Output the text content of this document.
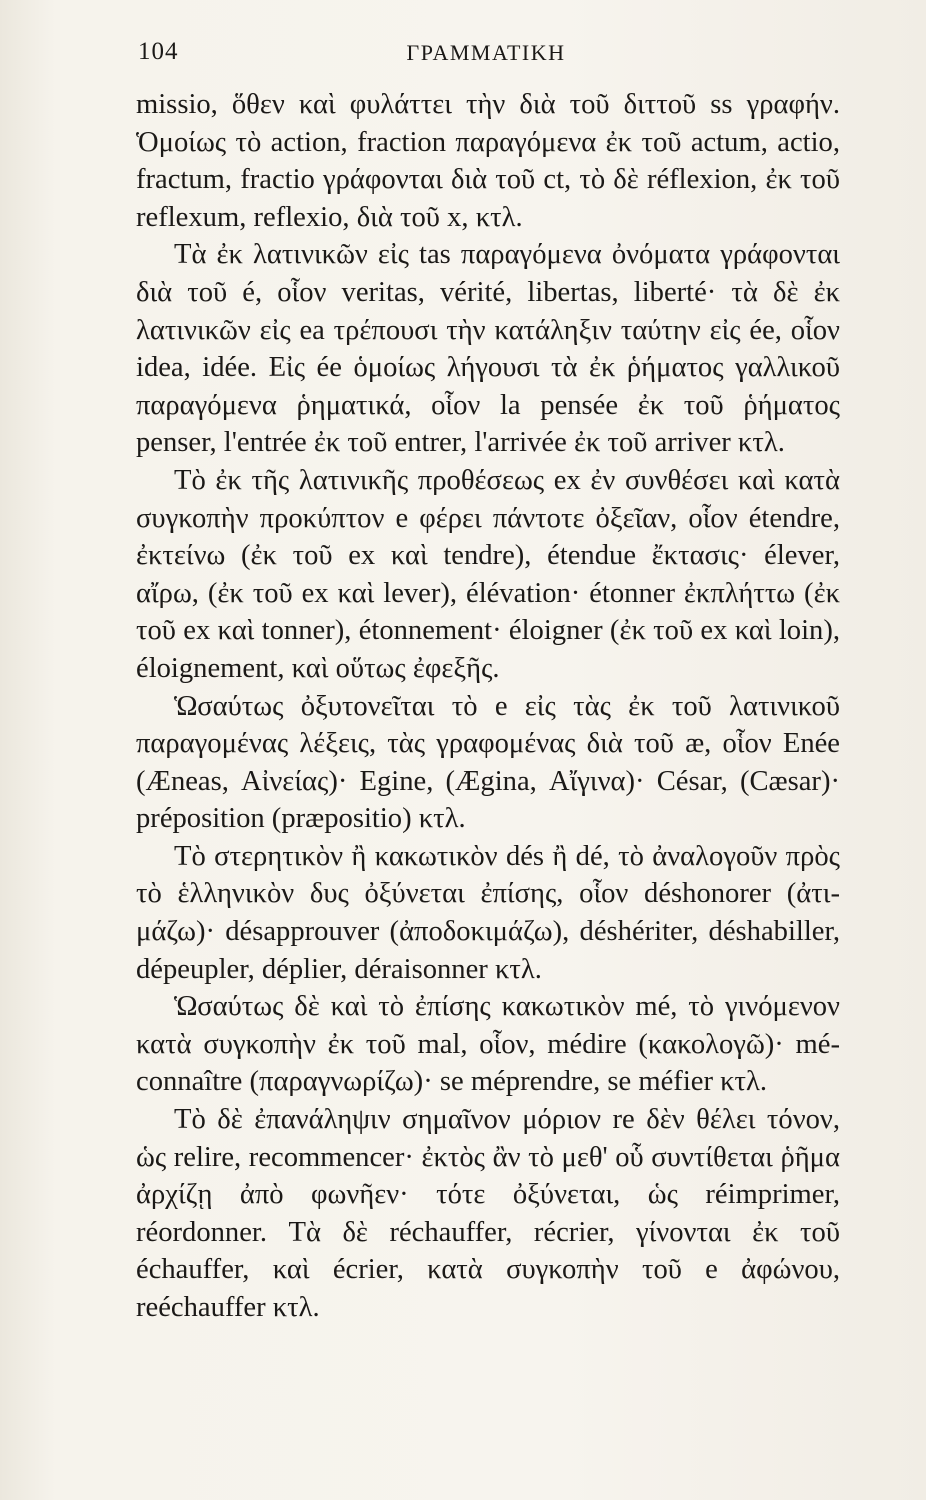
104	ΓΡΑΜΜΑΤΙΚΗ

missio, ὅθεν καὶ φυλάττει τὴν διὰ τοῦ διττοῦ ss γραφήν. Ὁμοίως τὸ action, fraction παραγόμενα ἐκ τοῦ actum, actio, fractum, fractio γράφονται διὰ τοῦ ct, τὸ δὲ réflexion, ἐκ τοῦ reflexum, reflexio, διὰ τοῦ x, κτλ.

Τὰ ἐκ λατινικῶν εἰς tas παραγόμενα ὀνόματα γράφονται διὰ τοῦ é, οἷον veritas, vérité, libertas, liberté· τὰ δὲ ἐκ λατινικῶν εἰς ea τρέπουσι τὴν κατάληξιν ταύτην εἰς ée, οἷον idea, idée. Εἰς ée ὁμοίως λήγουσι τὰ ἐκ ῥήματος γαλλικοῦ παραγόμενα ῥηματικά, οἷον la pensée ἐκ τοῦ ῥήματος penser, l'entrée ἐκ τοῦ entrer, l'arrivée ἐκ τοῦ arriver κτλ.

Τὸ ἐκ τῆς λατινικῆς προθέσεως ex ἐν συνθέσει καὶ κατὰ συγκοπὴν προκύπτον e φέρει πάντοτε ὀξεῖαν, οἷον étendre, ἐκτείνω (ἐκ τοῦ ex καὶ tendre), étendue ἔκτασις· élever, αἴρω, (ἐκ τοῦ ex καὶ lever), élévation· étonner ἐκπλήττω (ἐκ τοῦ ex καὶ tonner), étonnement· éloigner (ἐκ τοῦ ex καὶ loin), éloignement, καὶ οὕτως ἐφεξῆς.

Ὡσαύτως ὀξυτονεῖται τὸ e εἰς τὰς ἐκ τοῦ λατινικοῦ παραγομένας λέξεις, τὰς γραφομένας διὰ τοῦ æ, οἷον Enée (Æneas, Αἰνείας)· Egine, (Ægina, Αἴγινα)· César, (Cæsar)· préposition (præpositio) κτλ.

Τὸ στερητικὸν ἢ κακωτικὸν dés ἢ dé, τὸ ἀναλογοῦν πρὸς τὸ ἑλληνικὸν δυς ὀξύνεται ἐπίσης, οἷον déshonorer (ἀτιμάζω)· désapprouver (ἀποδοκιμάζω), déshériter, déshabiller, dépeupler, déplier, déraisonner κτλ.

Ὡσαύτως δὲ καὶ τὸ ἐπίσης κακωτικὸν mé, τὸ γινόμενον κατὰ συγκοπὴν ἐκ τοῦ mal, οἷον, médire (κακολογῶ)· méconnaître (παραγνωρίζω)· se méprendre, se méfier κτλ.

Τὸ δὲ ἐπανάληψιν σημαῖνον μόριον re δὲν θέλει τόνον, ὡς relire, recommencer· ἐκτὸς ἂν τὸ μεθ' οὗ συντίθεται ῥῆμα ἀρχίζῃ ἀπὸ φωνῆεν· τότε ὀξύνεται, ὡς réimprimer, réordonner. Τὰ δὲ réchauffer, récrier, γίνονται ἐκ τοῦ échauffer, καὶ écrier, κατὰ συγκοπὴν τοῦ e ἀφώνου, reéchauffer κτλ.
